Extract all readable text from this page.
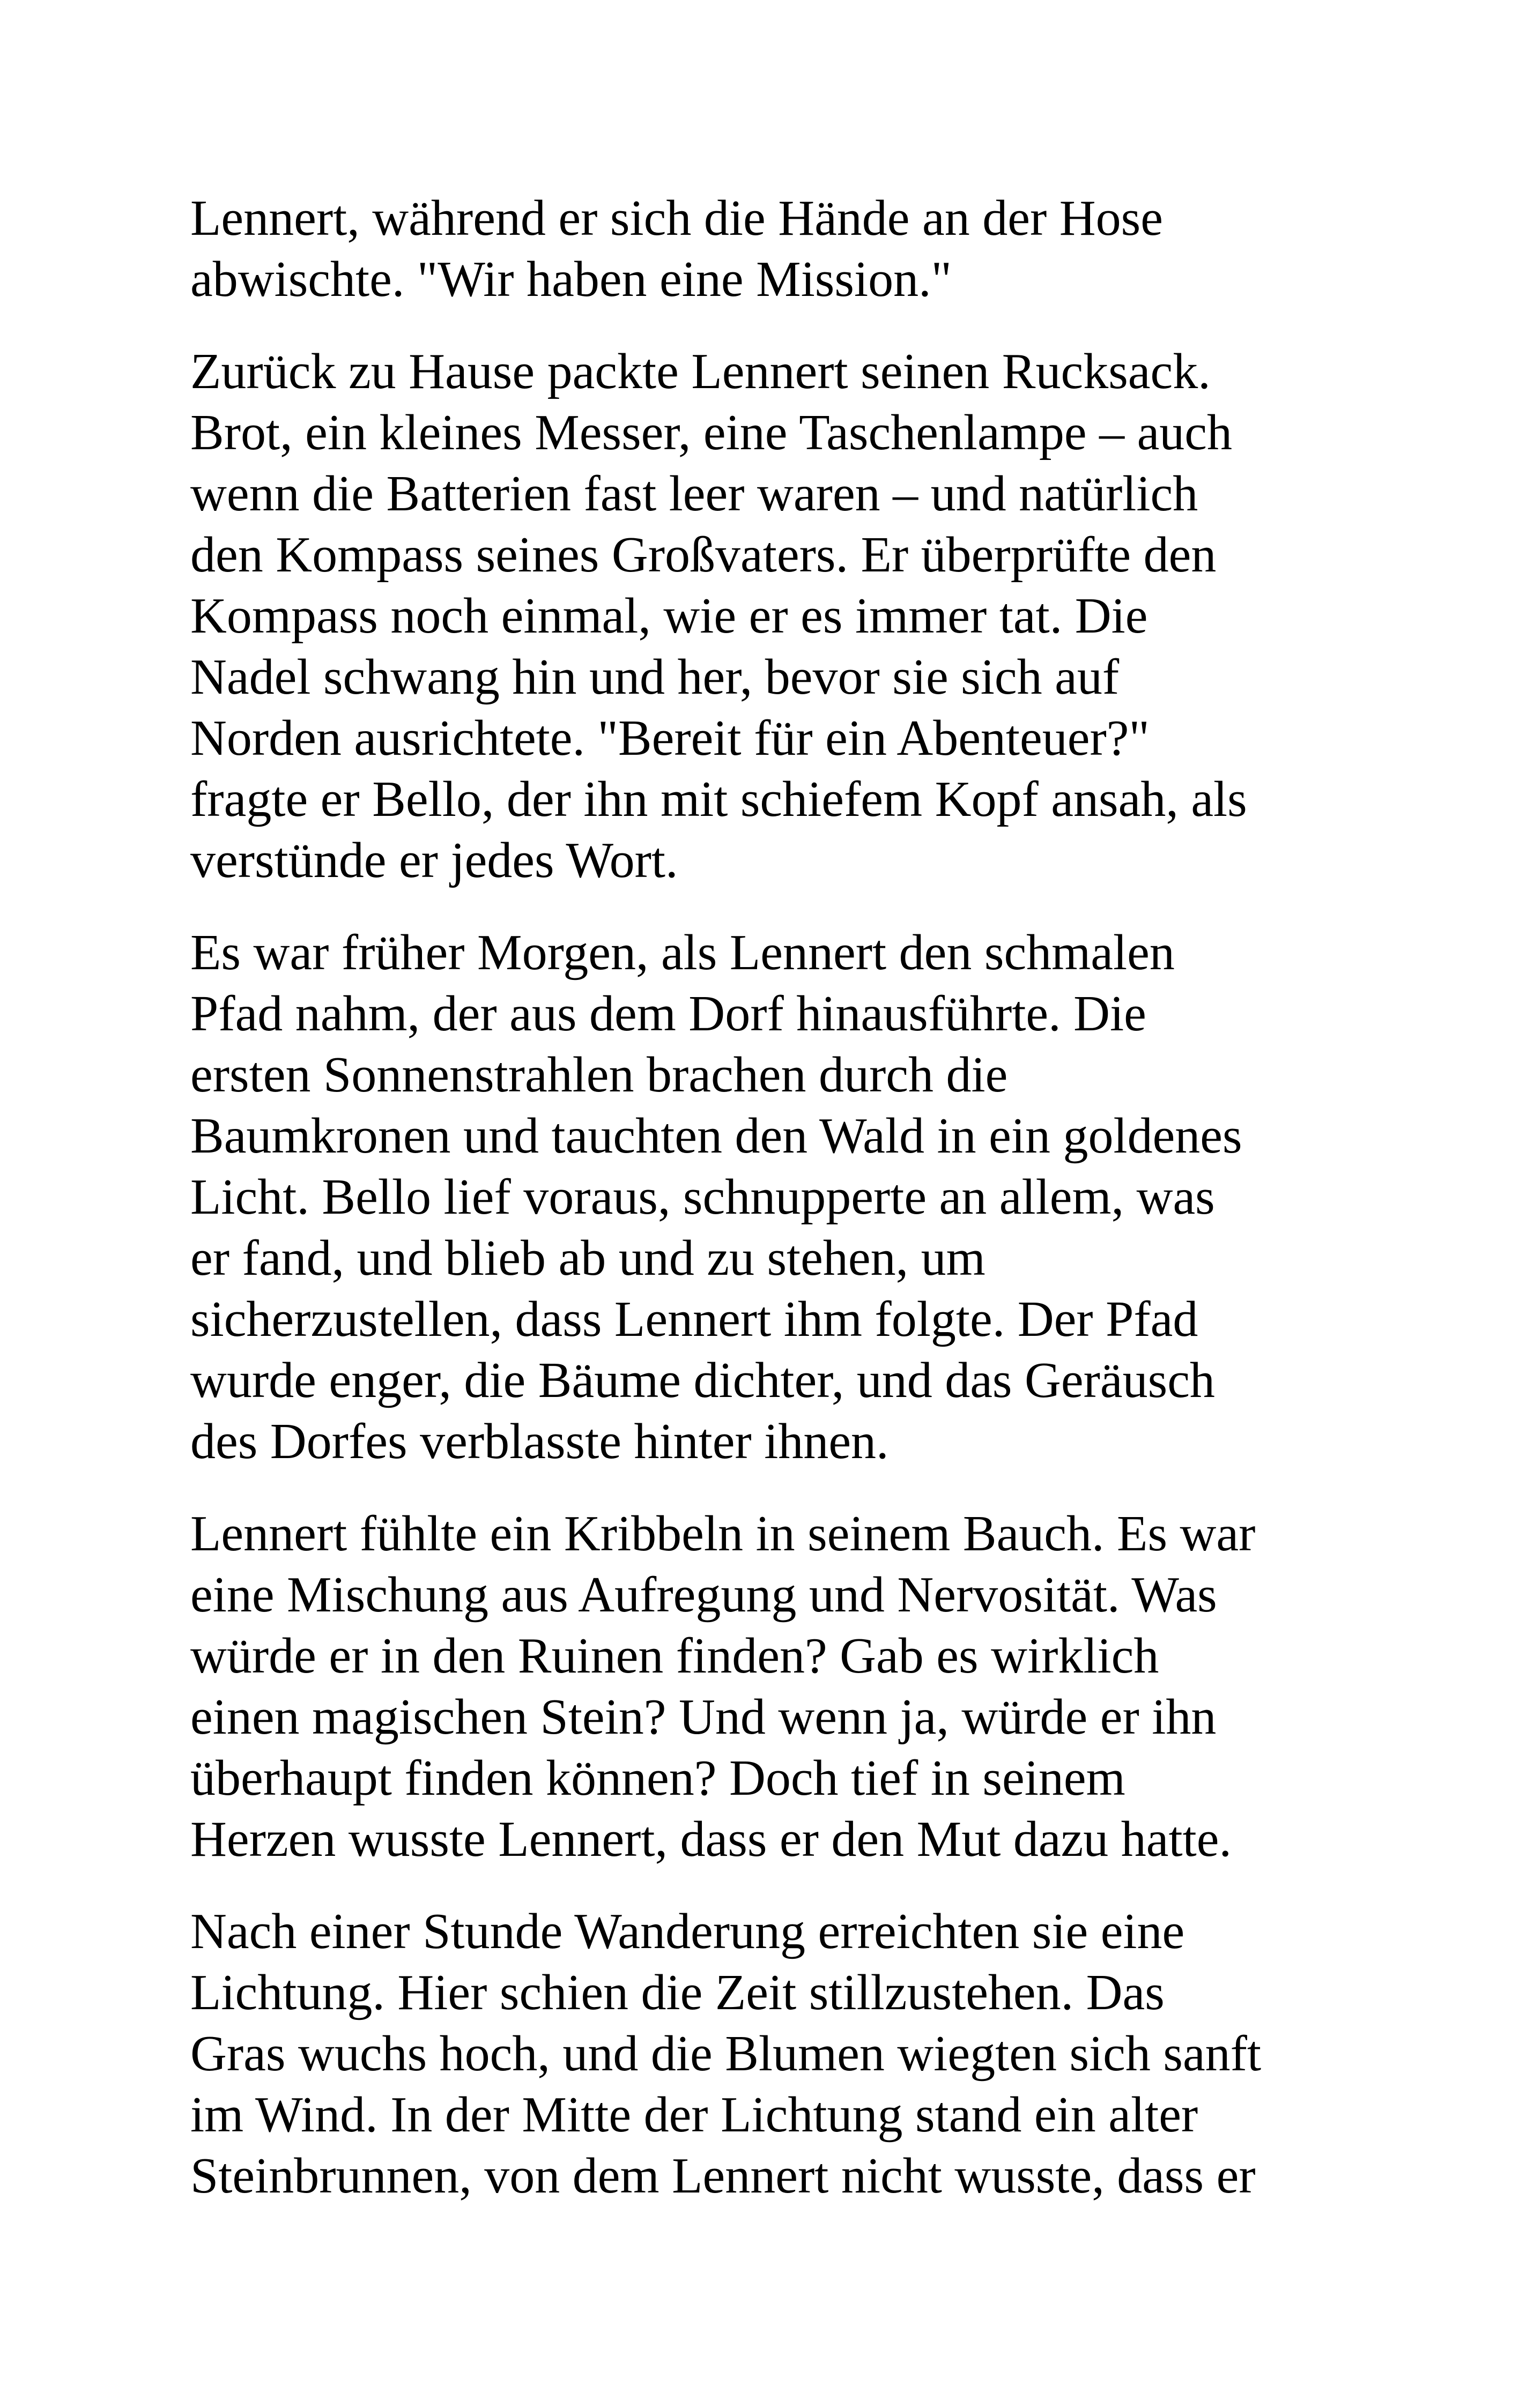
Lennert, während er sich die Hände an der Hose
abwischte. "Wir haben eine Mission."

Zurück zu Hause packte Lennert seinen Rucksack.
Brot, ein kleines Messer, eine Taschenlampe – auch
wenn die Batterien fast leer waren – und natürlich
den Kompass seines Großvaters. Er überprüfte den
Kompass noch einmal, wie er es immer tat. Die
Nadel schwang hin und her, bevor sie sich auf
Norden ausrichtete. "Bereit für ein Abenteuer?"
fragte er Bello, der ihn mit schiefem Kopf ansah, als
verstünde er jedes Wort.

Es war früher Morgen, als Lennert den schmalen
Pfad nahm, der aus dem Dorf hinausführte. Die
ersten Sonnenstrahlen brachen durch die
Baumkronen und tauchten den Wald in ein goldenes
Licht. Bello lief voraus, schnupperte an allem, was
er fand, und blieb ab und zu stehen, um
sicherzustellen, dass Lennert ihm folgte. Der Pfad
wurde enger, die Bäume dichter, und das Geräusch
des Dorfes verblasste hinter ihnen.

Lennert fühlte ein Kribbeln in seinem Bauch. Es war
eine Mischung aus Aufregung und Nervosität. Was
würde er in den Ruinen finden? Gab es wirklich
einen magischen Stein? Und wenn ja, würde er ihn
überhaupt finden können? Doch tief in seinem
Herzen wusste Lennert, dass er den Mut dazu hatte.

Nach einer Stunde Wanderung erreichten sie eine
Lichtung. Hier schien die Zeit stillzustehen. Das
Gras wuchs hoch, und die Blumen wiegten sich sanft
im Wind. In der Mitte der Lichtung stand ein alter
Steinbrunnen, von dem Lennert nicht wusste, dass er
